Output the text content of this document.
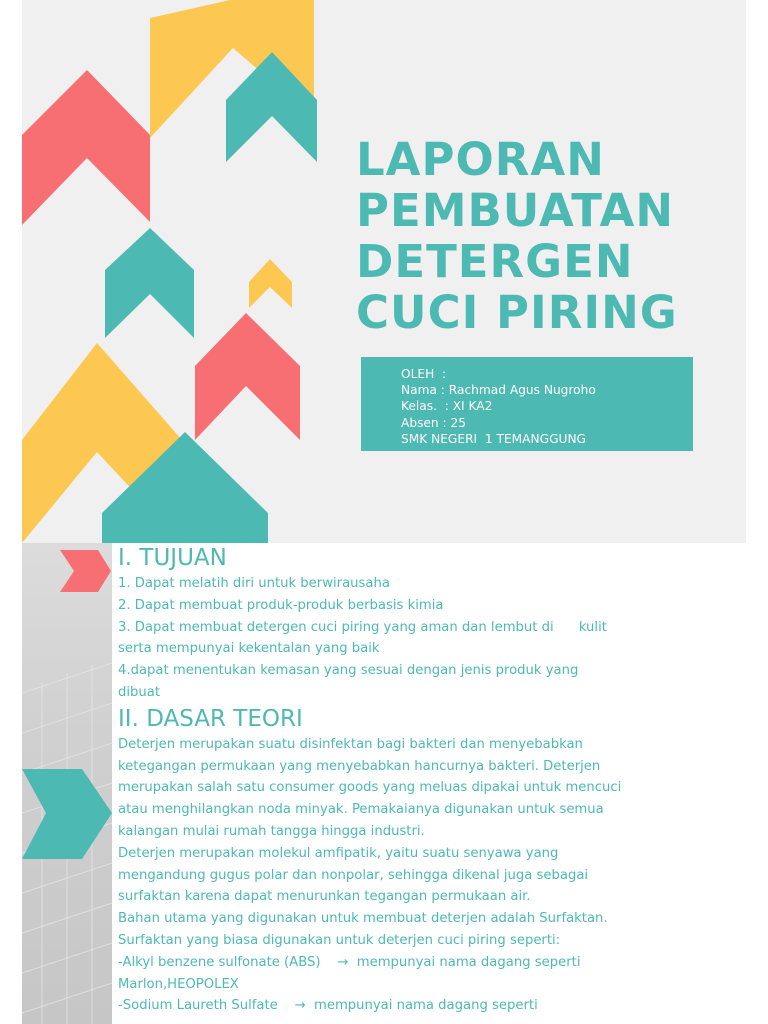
LAPORAN
PEMBUATAN
DETERGEN
CUCI PIRING
OLEH  :
Nama : Rachmad Agus Nugroho
Kelas.  : XI KA2
Absen : 25
SMK NEGERI  1 TEMANGGUNG
I. TUJUAN
1. Dapat melatih diri untuk berwirausaha
2. Dapat membuat produk-produk berbasis kimia
3. Dapat membuat detergen cuci piring yang aman dan lembut di      kulit
serta mempunyai kekentalan yang baik
4.dapat menentukan kemasan yang sesuai dengan jenis produk yang
dibuat
II. DASAR TEORI
Deterjen merupakan suatu disinfektan bagi bakteri dan menyebabkan
ketegangan permukaan yang menyebabkan hancurnya bakteri. Deterjen
merupakan salah satu consumer goods yang meluas dipakai untuk mencuci
atau menghilangkan noda minyak. Pemakaianya digunakan untuk semua
kalangan mulai rumah tangga hingga industri.
Deterjen merupakan molekul amfipatik, yaitu suatu senyawa yang
mengandung gugus polar dan nonpolar, sehingga dikenal juga sebagai
surfaktan karena dapat menurunkan tegangan permukaan air.
Bahan utama yang digunakan untuk membuat deterjen adalah Surfaktan.
Surfaktan yang biasa digunakan untuk deterjen cuci piring seperti:
-Alkyl benzene sulfonate (ABS)    →  mempunyai nama dagang seperti
Marlon,HEOPOLEX
-Sodium Laureth Sulfate    →  mempunyai nama dagang seperti
